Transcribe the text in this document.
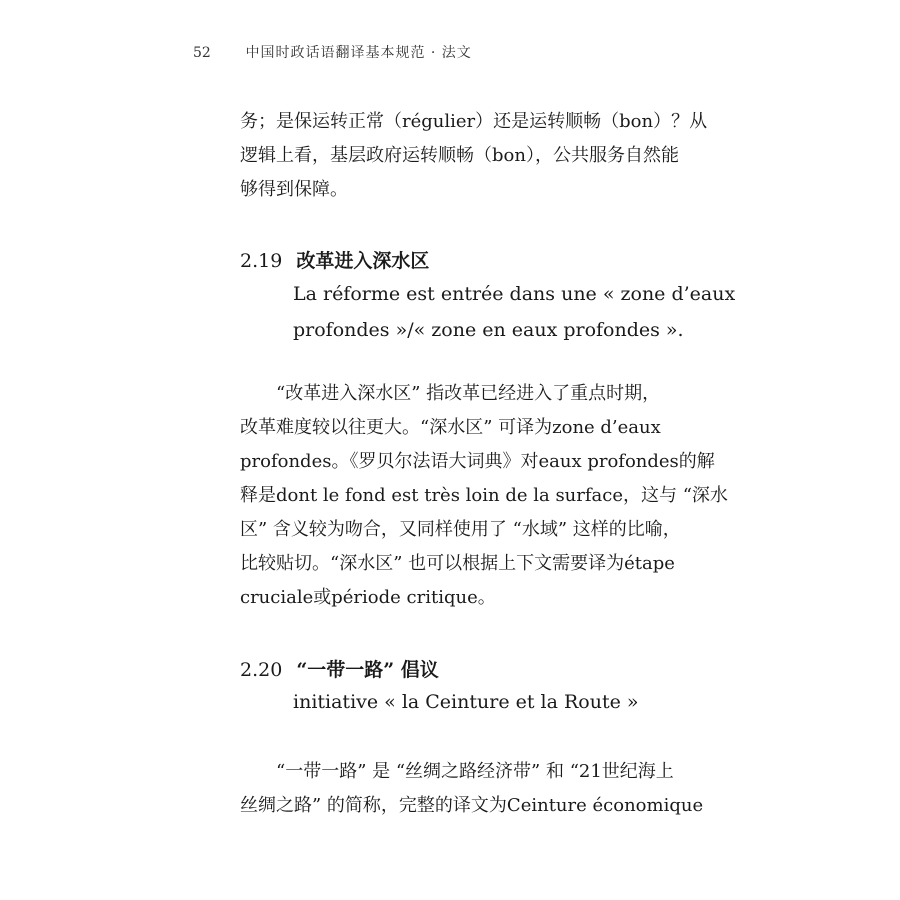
52 中国时政话语翻译基本规范 · 法文
务；是保运转正常（régulier）还是运转顺畅（bon）？从
逻辑上看，基层政府运转顺畅（bon），公共服务自然能
够得到保障。
2.19 改革进入深水区
La réforme est entrée dans une « zone d’eaux
profondes »/« zone en eaux profondes ».
“改革进入深水区” 指改革已经进入了重点时期，
改革难度较以往更大。“深水区” 可译为zone d’eaux
profondes。《罗贝尔法语大词典》对eaux profondes的解
释是dont le fond est très loin de la surface，这与 “深水
区” 含义较为吻合，又同样使用了 “水域” 这样的比喻，
比较贴切。“深水区” 也可以根据上下文需要译为étape
cruciale或période critique。
2.20 “一带一路” 倡议
initiative « la Ceinture et la Route »
“一带一路” 是 “丝绸之路经济带” 和 “21世纪海上
丝绸之路” 的简称，完整的译文为Ceinture économique
